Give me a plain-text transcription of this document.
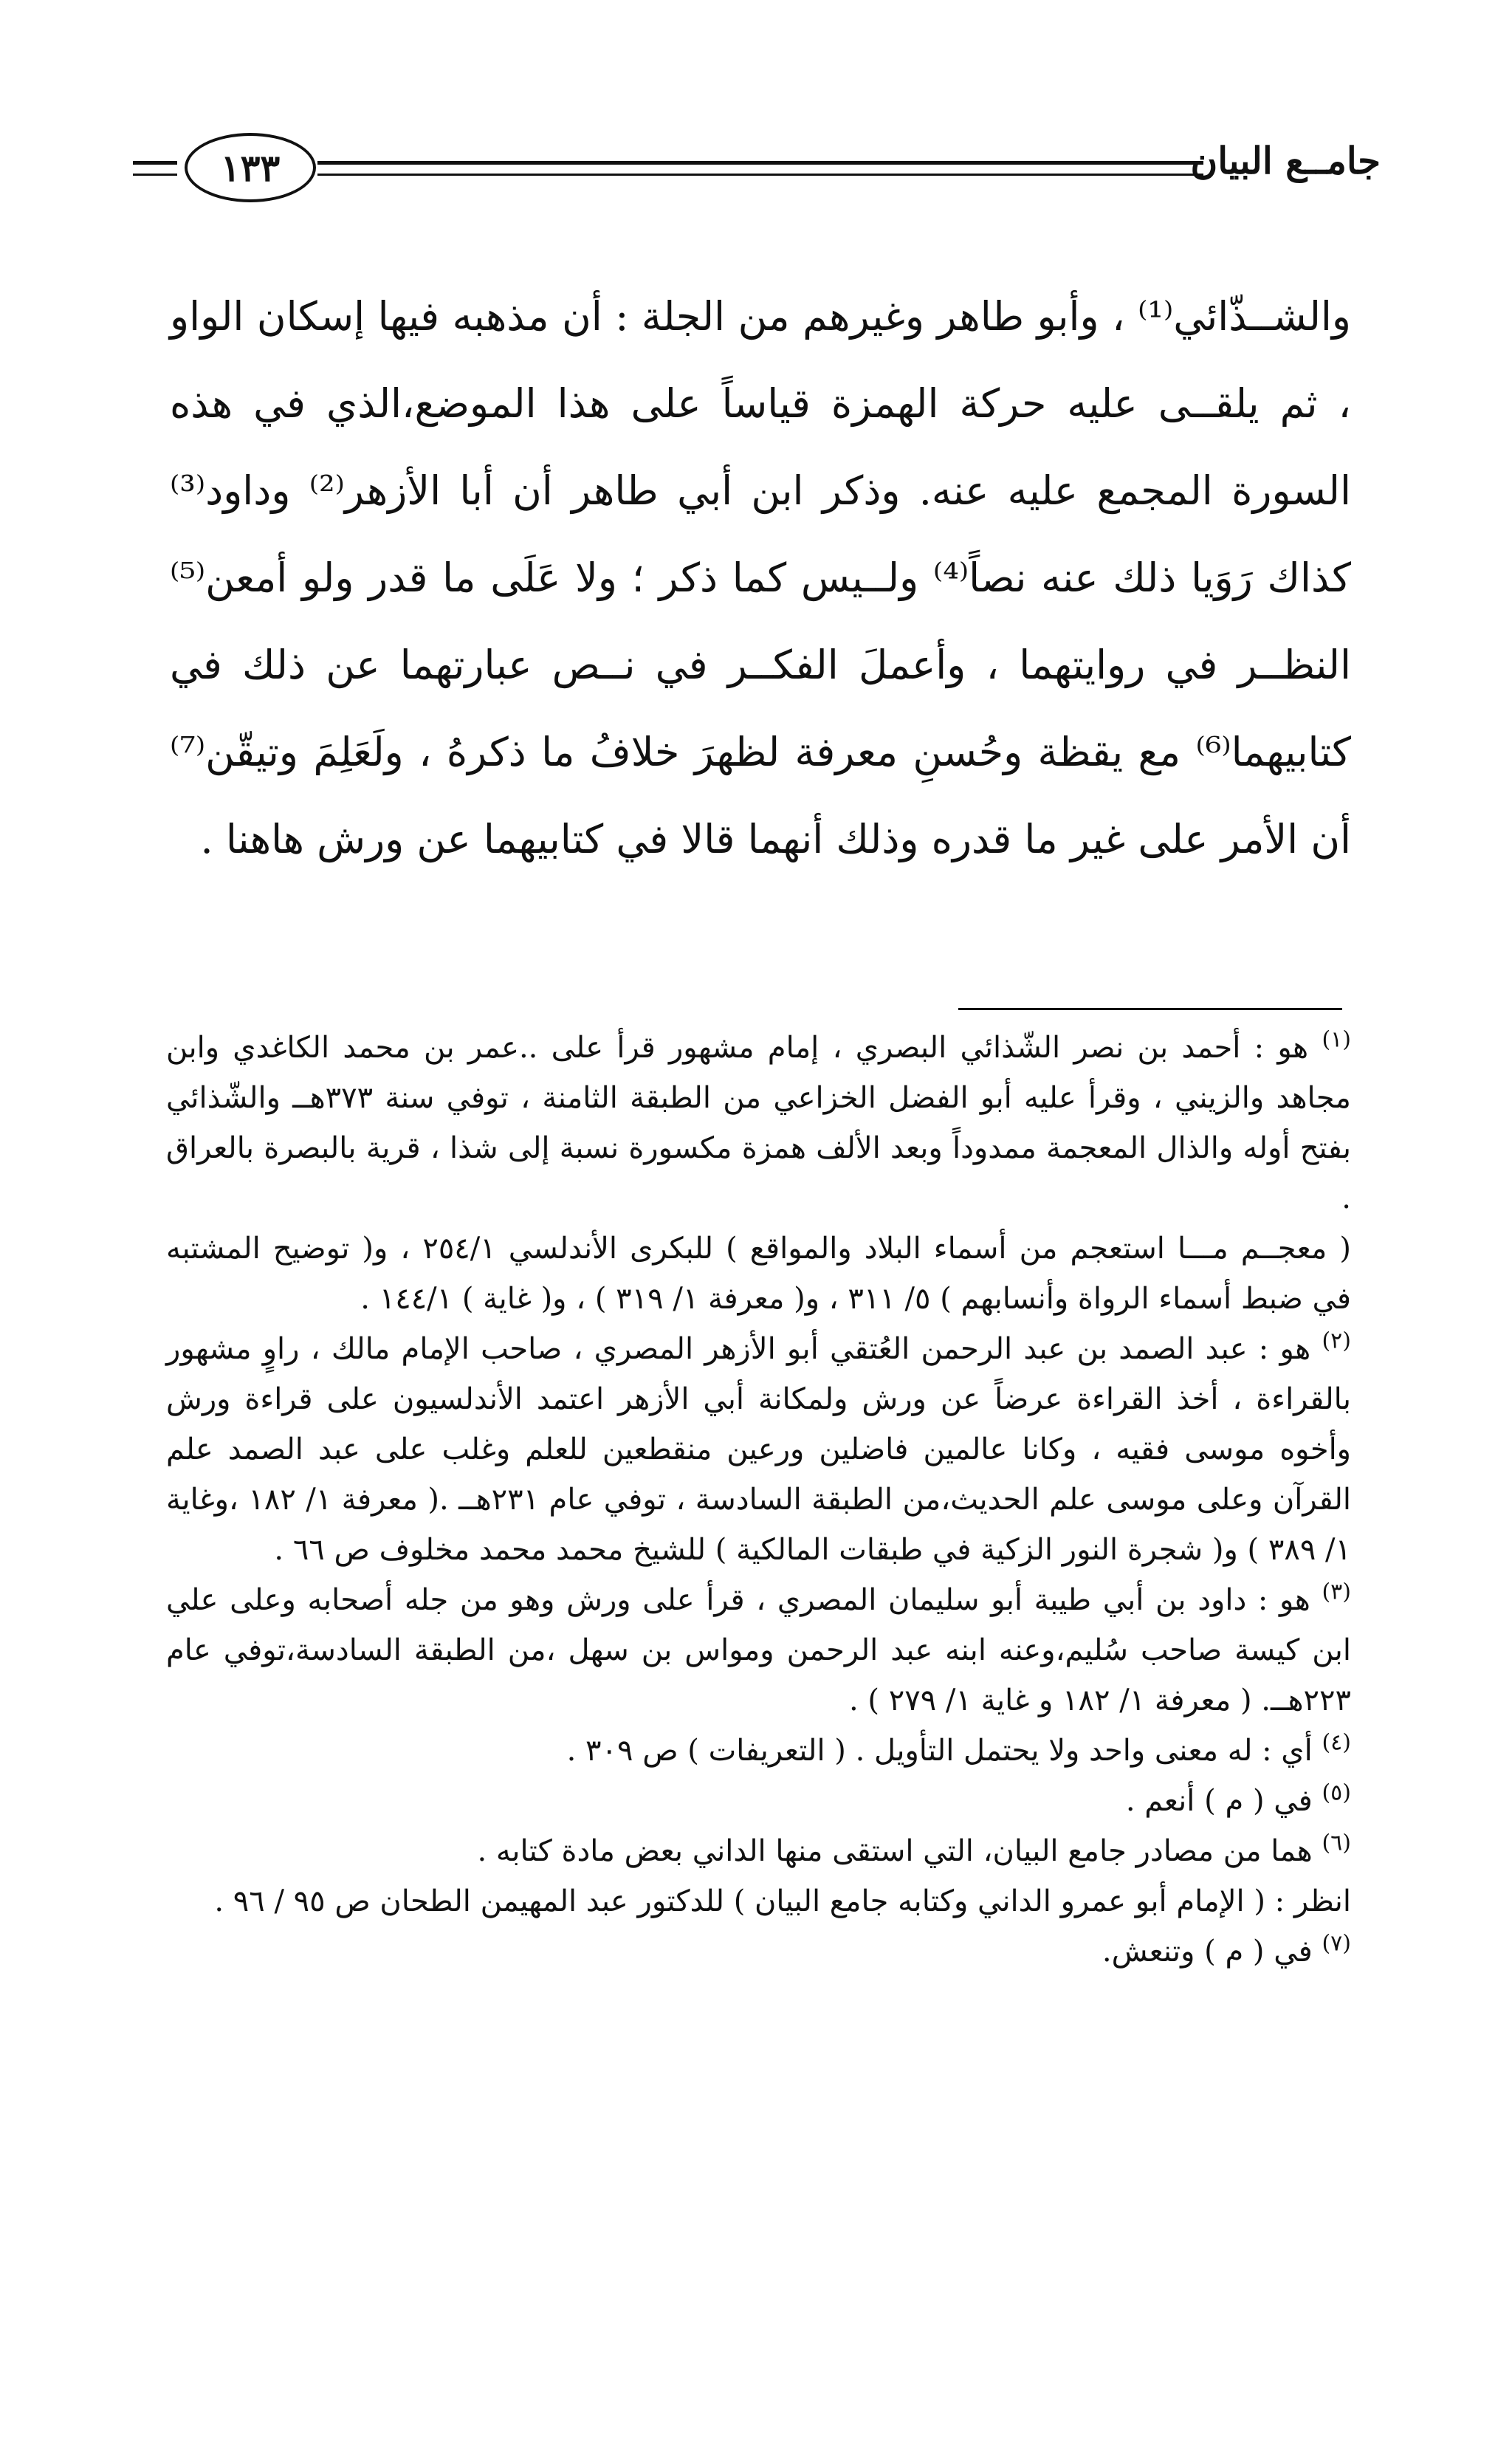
١٣٣	جامــع البيان

والشــذّائي⁽¹⁾ ، وأبو طاهر وغيرهم من الجلة : أن مذهبه فيها إسكان الواو ، ثم يلقــى عليه حركة الهمزة قياساً على هذا الموضع،الذي في هذه السورة المجمع عليه عنه. وذكر ابن أبي طاهر أن أبا الأزهر⁽²⁾ وداود⁽³⁾ كذاك رَوَيا ذلك عنه نصاً⁽⁴⁾ ولــيس كما ذكر ؛ ولا عَلَى ما قدر ولو أمعن⁽⁵⁾ النظــر في روايتهما ، وأعملَ الفكــر في نــص عبارتهما عن ذلك في كتابيهما⁽⁶⁾ مع يقظة وحُسنِ معرفة لظهرَ خلافُ ما ذكرهُ ، ولَعَلِمَ وتيقّن⁽⁷⁾ أن الأمر على غير ما قدره وذلك أنهما قالا في كتابيهما عن ورش هاهنا .

$^{(١)}$ هو : أحمد بن نصر الشّذائي البصري ، إمام مشهور قرأ على ..عمر بن محمد الكاغدي وابن مجاهد والزيني ، وقرأ عليه أبو الفضل الخزاعي من الطبقة الثامنة ، توفي سنة ٣٧٣هــ والشّذائي بفتح أوله والذال المعجمة ممدوداً وبعد الألف همزة مكسورة نسبة إلى شذا ، قرية بالبصرة بالعراق .

( معجــم مـــا استعجم من أسماء البلاد والمواقع ) للبكرى الأندلسي ٢٥٤/١ ، و( توضيح المشتبه في ضبط أسماء الرواة وأنسابهم ) ٥/ ٣١١ ، و( معرفة ١/ ٣١٩ ) ، و( غاية ) ١٤٤/١ .

$^{(٢)}$ هو : عبد الصمد بن عبد الرحمن العُتقي أبو الأزهر المصري ، صاحب الإمام مالك ، راوٍ مشهور بالقراءة ، أخذ القراءة عرضاً عن ورش ولمكانة أبي الأزهر اعتمد الأندلسيون على قراءة ورش وأخوه موسى فقيه ، وكانا عالمين فاضلين ورعين منقطعين للعلم وغلب على عبد الصمد علم القرآن وعلى موسى علم الحديث،من الطبقة السادسة ، توفي عام ٢٣١هــ .( معرفة ١/ ١٨٢ ،وغاية ١/ ٣٨٩ ) و( شجرة النور الزكية في طبقات المالكية ) للشيخ محمد محمد مخلوف ص ٦٦ .

$^{(٣)}$ هو : داود بن أبي طيبة أبو سليمان المصري ، قرأ على ورش وهو من جله أصحابه وعلى علي ابن كيسة صاحب سُليم،وعنه ابنه عبد الرحمن ومواس بن سهل ،من الطبقة السادسة،توفي عام ٢٢٣هــ. ( معرفة ١/ ١٨٢ و غاية ١/ ٢٧٩ ) .

$^{(٤)}$ أي : له معنى واحد ولا يحتمل التأويل . ( التعريفات ) ص ٣٠٩ .

$^{(٥)}$ في ( م ) أنعم .

$^{(٦)}$ هما من مصادر جامع البيان، التي استقى منها الداني بعض مادة كتابه .

انظر : ( الإمام أبو عمرو الداني وكتابه جامع البيان ) للدكتور عبد المهيمن الطحان ص ٩٥ / ٩٦ .

$^{(٧)}$ في ( م ) وتنعش.
